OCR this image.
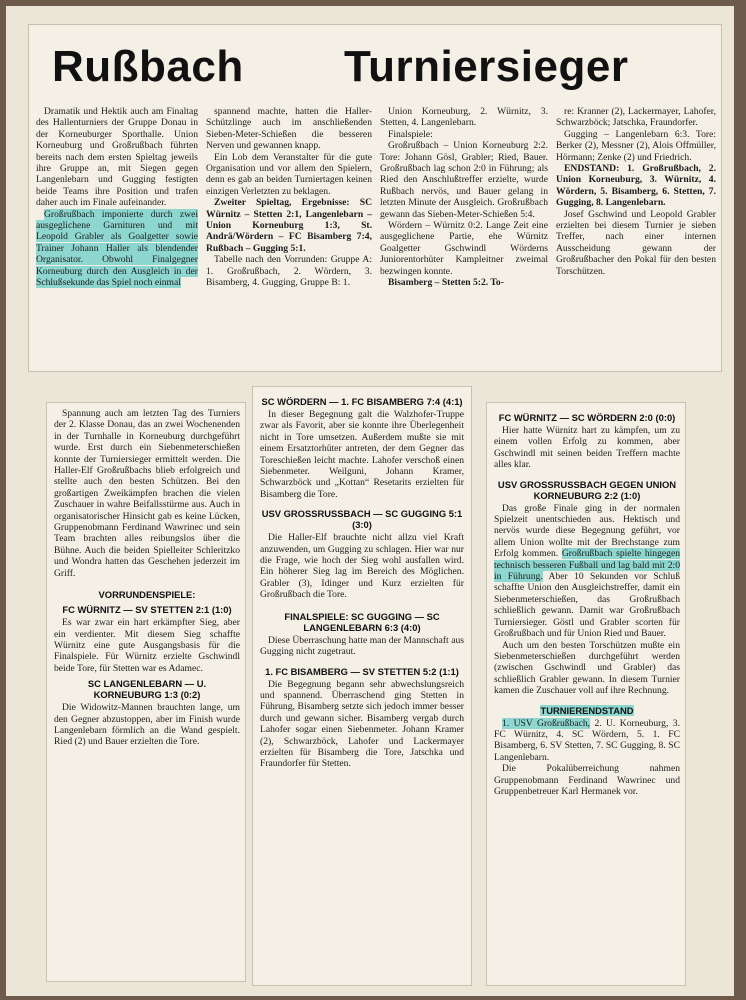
Rußbach Turniersieger

Dramatik und Hektik auch am Finaltag des Hallenturniers der Gruppe Donau in der Korneuburger Sporthalle. Union Korneuburg und Großrußbach führten bereits nach dem ersten Spieltag jeweils ihre Gruppe an, mit Siegen gegen Langenlebarn und Gugging festigten beide Teams ihre Position und trafen daher auch im Finale aufeinander.

Großrußbach imponierte durch zwei ausgeglichene Garnituren und mit Leopold Grabler als Goalgetter sowie Trainer Johann Haller als blendender Organisator. Obwohl Finalgegner Korneuburg durch den Ausgleich in der Schlußsekunde das Spiel noch einmal

spannend machte, hatten die Haller-Schützlinge auch im anschließenden Sieben-Meter-Schießen die besseren Nerven und gewannen knapp.

Ein Lob dem Veranstalter für die gute Organisation und vor allem den Spielern, denn es gab an beiden Turniertagen keinen einzigen Verletzten zu beklagen.

Zweiter Spieltag, Ergebnisse: SC Würnitz – Stetten 2:1, Langenlebarn – Union Korneuburg 1:3, St. Andrä/Wördern – FC Bisamberg 7:4, Rußbach – Gugging 5:1.

Tabelle nach den Vorrunden: Gruppe A: 1. Großrußbach, 2. Wördern, 3. Bisamberg, 4. Gugging, Gruppe B: 1.

Union Korneuburg, 2. Würnitz, 3. Stetten, 4. Langenlebarn.

Finalspiele:

Großrußbach – Union Korneuburg 2:2. Tore: Johann Gösl, Grabler; Ried, Bauer. Großrußbach lag schon 2:0 in Führung; als Ried den Anschlußtreffer erzielte, wurde Rußbach nervös, und Bauer gelang in letzten Minute der Ausgleich. Großrußbach gewann das Sieben-Meter-Schießen 5:4.

Wördern – Würnitz 0:2. Lange Zeit eine ausgeglichene Partie, ehe Würnitz Goalgetter Gschwindl Wörderns Juniorentorhüter Kampleitner zweimal bezwingen konnte.

Bisamberg – Stetten 5:2. To-

re: Kranner (2), Lackermayer, Lahofer, Schwarzböck; Jatschka, Fraundorfer.

Gugging – Langenlebarn 6:3. Tore: Berker (2), Messner (2), Alois Offmüller, Hörmann; Zenke (2) und Friedrich.

ENDSTAND: 1. Großrußbach, 2. Union Korneuburg, 3. Würnitz, 4. Wördern, 5. Bisamberg, 6. Stetten, 7. Gugging, 8. Langenlebarn.

Josef Gschwind und Leopold Grabler erzielten bei diesem Turnier je sieben Treffer, nach einer internen Ausscheidung gewann der Großrußbacher den Pokal für den besten Torschützen.

Spannung auch am letzten Tag des Turniers der 2. Klasse Donau, das an zwei Wochenenden in der Turnhalle in Korneuburg durchgeführt wurde. Erst durch ein Siebenmeterschießen konnte der Turniersieger ermittelt werden. Die Haller-Elf Großrußbachs blieb erfolgreich und stellte auch den besten Schützen. Bei den großartigen Zweikämpfen brachen die vielen Zuschauer in wahre Beifallsstürme aus. Auch in organisatorischer Hinsicht gab es keine Lücken, Gruppenobmann Ferdinand Wawrinec und sein Team brachten alles reibungslos über die Bühne. Auch die beiden Spielleiter Schleritzko und Wondra hatten das Geschehen jederzeit im Griff.

VORRUNDENSPIELE:
FC WÜRNITZ — SV STETTEN 2:1 (1:0)

Es war zwar ein hart erkämpfter Sieg, aber ein verdienter. Mit diesem Sieg schaffte Würnitz eine gute Ausgangsbasis für die Finalspiele. Für Würnitz erzielte Gschwindl beide Tore, für Stetten war es Adamec.

SC LANGENLEBARN — U. KORNEUBURG 1:3 (0:2)

Die Widowitz-Mannen brauchten lange, um den Gegner abzustoppen, aber im Finish wurde Langenlebarn förmlich an die Wand gespielt. Ried (2) und Bauer erzielten die Tore.

SC WÖRDERN — 1. FC BISAMBERG 7:4 (4:1)

In dieser Begegnung galt die Walzhofer-Truppe zwar als Favorit, aber sie konnte ihre Überlegenheit nicht in Tore umsetzen. Außerdem mußte sie mit einem Ersatztorhüter antreten, der dem Gegner das Toreschießen leicht machte. Lahofer verschoß einen Siebenmeter. Weilguni, Johann Kramer, Schwarzböck und „Kottan“ Resetarits erzielten für Bisamberg die Tore.

USV GROSSRUSSBACH — SC GUGGING 5:1 (3:0)

Die Haller-Elf brauchte nicht allzu viel Kraft anzuwenden, um Gugging zu schlagen. Hier war nur die Frage, wie hoch der Sieg wohl ausfallen wird. Ein höherer Sieg lag im Bereich des Möglichen. Grabler (3), Idinger und Kurz erzielten für Großrußbach die Tore.

FINALSPIELE: SC GUGGING — SC LANGENLEBARN 6:3 (4:0)

Diese Überraschung hatte man der Mannschaft aus Gugging nicht zugetraut.

1. FC BISAMBERG — SV STETTEN 5:2 (1:1)

Die Begegnung begann sehr abwechslungsreich und spannend. Überraschend ging Stetten in Führung, Bisamberg setzte sich jedoch immer besser durch und gewann sicher. Bisamberg vergab durch Lahofer sogar einen Siebenmeter. Johann Kramer (2), Schwarzböck, Lahofer und Lackermayer erzielten für Bisamberg die Tore, Jatschka und Fraundorfer für Stetten.

FC WÜRNITZ — SC WÖRDERN 2:0 (0:0)

Hier hatte Würnitz hart zu kämpfen, um zu einem vollen Erfolg zu kommen, aber Gschwindl mit seinen beiden Treffern machte alles klar.

USV GROSSRUSSBACH GEGEN UNION KORNEUBURG 2:2 (1:0)

Das große Finale ging in der normalen Spielzeit unentschieden aus. Hektisch und nervös wurde diese Begegnung geführt, vor allem Union wollte mit der Brechstange zum Erfolg kommen. Großrußbach spielte hingegen technisch besseren Fußball und lag bald mit 2:0 in Führung. Aber 10 Sekunden vor Schluß schaffte Union den Ausgleichstreffer, damit ein Siebenmeterschießen, das Großrußbach schließlich gewann. Damit war Großrußbach Turniersieger. Göstl und Grabler scorten für Großrußbach und für Union Ried und Bauer.

Auch um den besten Torschützen mußte ein Siebenmeterschießen durchgeführt werden (zwischen Gschwindl und Grabler) das schließlich Grabler gewann. In diesem Turnier kamen die Zuschauer voll auf ihre Rechnung.

TURNIERENDSTAND

1. USV Großrußbach, 2. U. Korneuburg, 3. FC Würnitz, 4. SC Wördern, 5. 1. FC Bisamberg, 6. SV Stetten, 7. SC Gugging, 8. SC Langenlebarn.

Die Pokalüberreichung nahmen Gruppenobmann Ferdinand Wawrinec und Gruppenbetreuer Karl Hermanek vor.
